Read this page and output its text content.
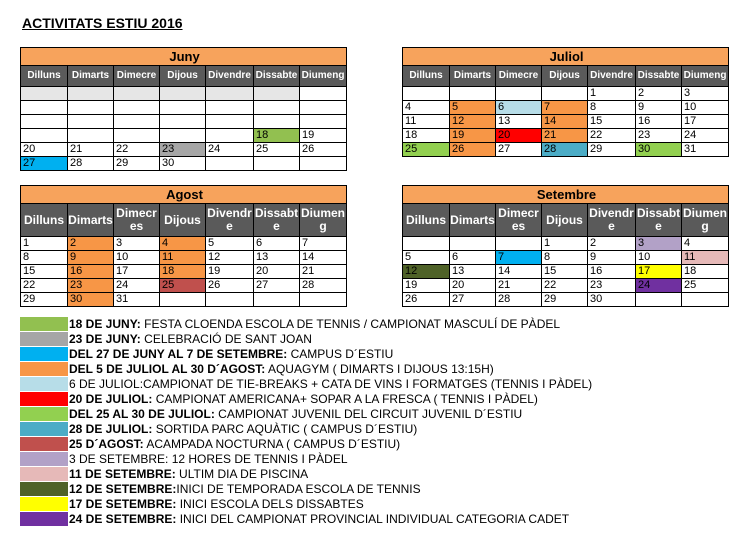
ACTIVITATS ESTIU 2016
Juny						
Dilluns	Dimarts	Dimecre	Dijous	Divendre	Dissabte	Diumeng

					18	19
20	21	22	23	24	25	26
27	28	29	30			
Juliol						
Dilluns	Dimarts	Dimecre	Dijous	Divendre	Dissabte	Diumeng
				1	2	3
4	5	6	7	8	9	10
11	12	13	14	15	16	17
18	19	20	21	22	23	24
25	26	27	28	29	30	31
Agost						
Dilluns	Dimarts	Dimecres	Dijous	Divendre	Dissabte	Diumeng
1	2	3	4	5	6	7
8	9	10	11	12	13	14
15	16	17	18	19	20	21
22	23	24	25	26	27	28
29	30	31				
Setembre						
Dilluns	Dimarts	Dimecres	Dijous	Divendre	Dissabte	Diumeng
			1	2	3	4
5	6	7	8	9	10	11
12	13	14	15	16	17	18
19	20	21	22	23	24	25
26	27	28	29	30		
	18 DE JUNY: FESTA CLOENDA ESCOLA DE TENNIS / CAMPIONAT MASCULÍ DE PÀDEL
	23 DE JUNY: CELEBRACIÓ DE SANT JOAN
	DEL 27 DE JUNY AL 7 DE SETEMBRE: CAMPUS D´ESTIU
	DEL 5 DE JULIOL AL 30 D´AGOST: AQUAGYM ( DIMARTS I DIJOUS 13:15H)
	6 DE JULIOL:CAMPIONAT DE TIE-BREAKS + CATA DE VINS I FORMATGES (TENNIS I PÀDEL)
	20 DE JULIOL: CAMPIONAT AMERICANA+ SOPAR A LA FRESCA ( TENNIS I PÀDEL)
	DEL 25 AL 30 DE JULIOL: CAMPIONAT JUVENIL DEL CIRCUIT JUVENIL D´ESTIU
	28 DE JULIOL: SORTIDA PARC AQUÀTIC ( CAMPUS D´ESTIU)
	25 D´AGOST: ACAMPADA NOCTURNA ( CAMPUS D´ESTIU)
	3 DE SETEMBRE: 12 HORES DE TENNIS I PÀDEL
	11 DE SETEMBRE: ULTIM DIA DE PISCINA
	12 DE SETEMBRE:INICI DE TEMPORADA ESCOLA DE TENNIS
	17 DE SETEMBRE: INICI ESCOLA DELS DISSABTES
	24 DE SETEMBRE: INICI DEL CAMPIONAT PROVINCIAL INDIVIDUAL CATEGORIA CADET
